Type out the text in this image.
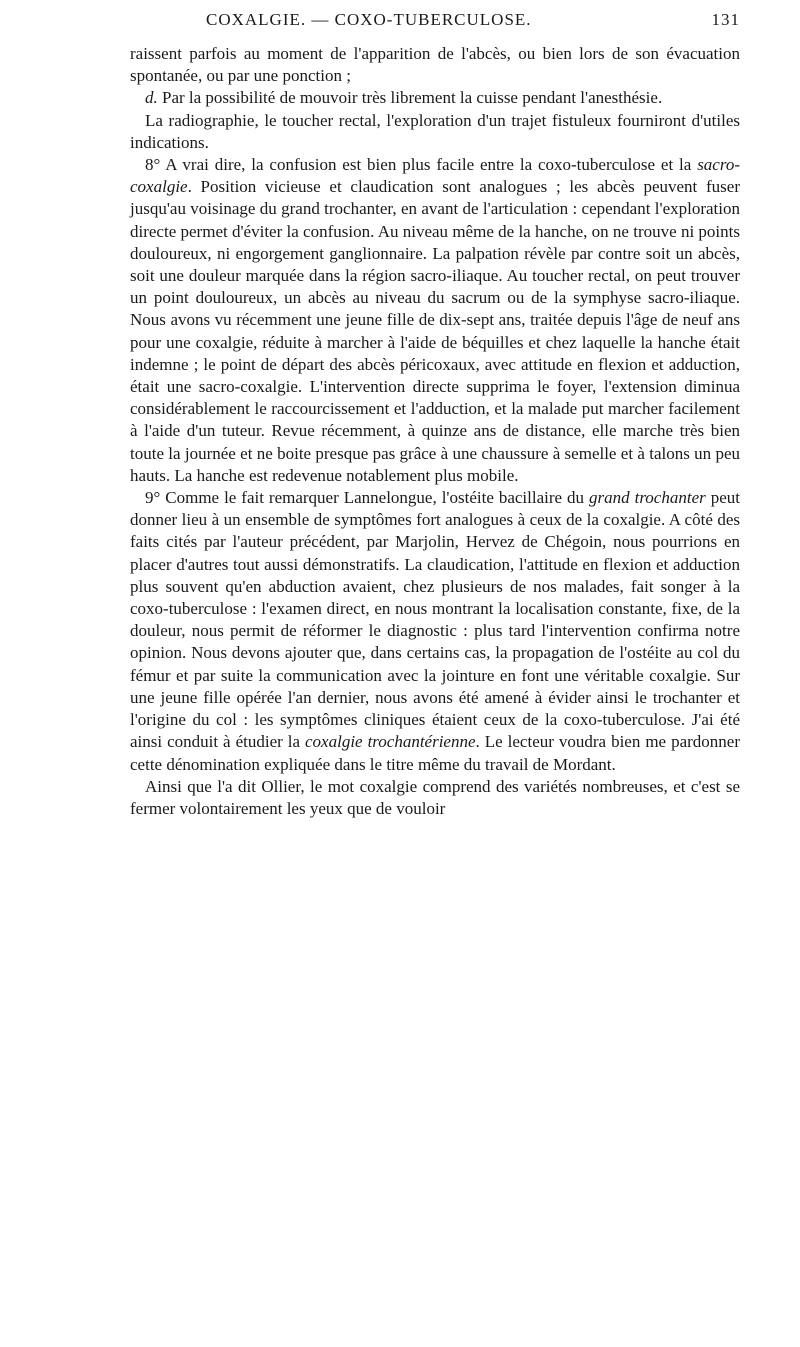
COXALGIE. — COXO-TUBERCULOSE.	131

raissent parfois au moment de l'apparition de l'abcès, ou bien lors de son évacuation spontanée, ou par une ponction ;

d. Par la possibilité de mouvoir très librement la cuisse pendant l'anesthésie.

La radiographie, le toucher rectal, l'exploration d'un trajet fistuleux fourniront d'utiles indications.

8° A vrai dire, la confusion est bien plus facile entre la coxo-tuberculose et la sacro-coxalgie. Position vicieuse et claudication sont analogues ; les abcès peuvent fuser jusqu'au voisinage du grand trochanter, en avant de l'articulation : cependant l'exploration directe permet d'éviter la confusion. Au niveau même de la hanche, on ne trouve ni points douloureux, ni engorgement ganglionnaire. La palpation révèle par contre soit un abcès, soit une douleur marquée dans la région sacro-iliaque. Au toucher rectal, on peut trouver un point douloureux, un abcès au niveau du sacrum ou de la symphyse sacro-iliaque. Nous avons vu récemment une jeune fille de dix-sept ans, traitée depuis l'âge de neuf ans pour une coxalgie, réduite à marcher à l'aide de béquilles et chez laquelle la hanche était indemne ; le point de départ des abcès péricoxaux, avec attitude en flexion et adduction, était une sacro-coxalgie. L'intervention directe supprima le foyer, l'extension diminua considérablement le raccourcissement et l'adduction, et la malade put marcher facilement à l'aide d'un tuteur. Revue récemment, à quinze ans de distance, elle marche très bien toute la journée et ne boite presque pas grâce à une chaussure à semelle et à talons un peu hauts. La hanche est redevenue notablement plus mobile.

9° Comme le fait remarquer Lannelongue, l'ostéite bacillaire du grand trochanter peut donner lieu à un ensemble de symptômes fort analogues à ceux de la coxalgie. A côté des faits cités par l'auteur précédent, par Marjolin, Hervez de Chégoin, nous pourrions en placer d'autres tout aussi démonstratifs. La claudication, l'attitude en flexion et adduction plus souvent qu'en abduction avaient, chez plusieurs de nos malades, fait songer à la coxo-tuberculose : l'examen direct, en nous montrant la localisation constante, fixe, de la douleur, nous permit de réformer le diagnostic : plus tard l'intervention confirma notre opinion. Nous devons ajouter que, dans certains cas, la propagation de l'ostéite au col du fémur et par suite la communication avec la jointure en font une véritable coxalgie. Sur une jeune fille opérée l'an dernier, nous avons été amené à évider ainsi le trochanter et l'origine du col : les symptômes cliniques étaient ceux de la coxo-tuberculose. J'ai été ainsi conduit à étudier la coxalgie trochantérienne. Le lecteur voudra bien me pardonner cette dénomination expliquée dans le titre même du travail de Mordant.

Ainsi que l'a dit Ollier, le mot coxalgie comprend des variétés nombreuses, et c'est se fermer volontairement les yeux que de vouloir
